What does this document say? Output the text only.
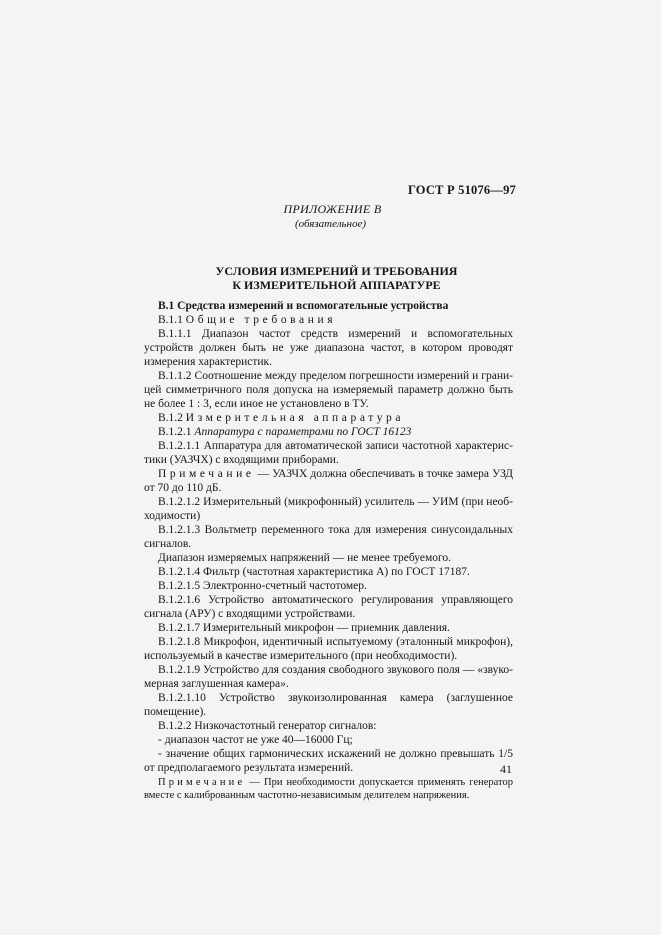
ГОСТ Р 51076—97
ПРИЛОЖЕНИЕ В
(обязательное)
УСЛОВИЯ ИЗМЕРЕНИЙ И ТРЕБОВАНИЯ
К ИЗМЕРИТЕЛЬНОЙ АППАРАТУРЕ

В.1 Средства измерений и вспомогательные устройства

В.1.1 Общие требования

В.1.1.1 Диапазон частот средств измерений и вспомогательных устройств должен быть не уже диапазона частот, в котором проводят измерения характеристик.

В.1.1.2 Соотношение между пределом погрешности измерений и границей симметричного поля допуска на измеряемый параметр должно быть не более 1 : 3, если иное не установлено в ТУ.

В.1.2 Измерительная аппаратура

В.1.2.1 Аппаратура с параметрами по ГОСТ 16123

В.1.2.1.1 Аппаратура для автоматической записи частотной характеристики (УАЗЧХ) с входящими приборами.

Примечание — УАЗЧХ должна обеспечивать в точке замера УЗД от 70 до 110 дБ.

В.1.2.1.2 Измерительный (микрофонный) усилитель — УИМ (при необходимости)

В.1.2.1.3 Вольтметр переменного тока для измерения синусоидальных сигналов.

Диапазон измеряемых напряжений — не менее требуемого.

В.1.2.1.4 Фильтр (частотная характеристика А) по ГОСТ 17187.

В.1.2.1.5 Электронно-счетный частотомер.

В.1.2.1.6 Устройство автоматического регулирования управляющего сигнала (АРУ) с входящими устройствами.

В.1.2.1.7 Измерительный микрофон — приемник давления.

В.1.2.1.8 Микрофон, идентичный испытуемому (эталонный микрофон), используемый в качестве измерительного (при необходимости).

В.1.2.1.9 Устройство для создания свободного звукового поля — «звукомерная заглушенная камера».

В.1.2.1.10 Устройство звукоизолированная камера (заглушенное помещение).

В.1.2.2 Низкочастотный генератор сигналов:

- диапазон частот не уже 40—16000 Гц;

- значение общих гармонических искажений не должно превышать 1/5 от предполагаемого результата измерений.

Примечание — При необходимости допускается применять генератор вместе с калиброванным частотно-независимым делителем напряжения.

41
